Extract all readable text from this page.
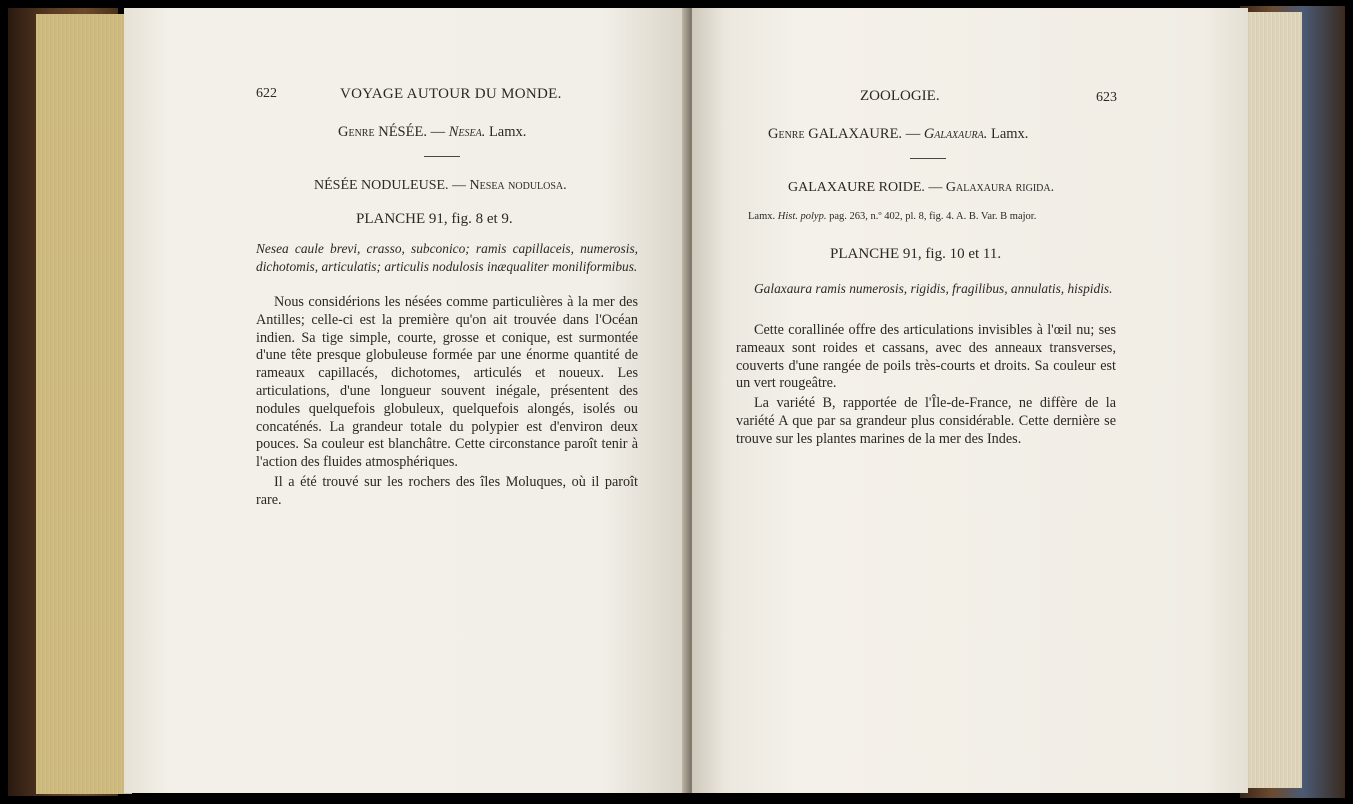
622	VOYAGE AUTOUR DU MONDE.
Genre NÉSÉE. — Nesea. Lamx.
NÉSÉE NODULEUSE. — Nesea nodulosa.
PLANCHE 91, fig. 8 et 9.
Nesea caule brevi, crasso, subconico; ramis capillaceis, numerosis, dichotomis, articulatis; articulis nodulosis inæqualiter moniliformibus.

Nous considérions les nésées comme particulières à la mer des Antilles; celle-ci est la première qu'on ait trouvée dans l'Océan indien. Sa tige simple, courte, grosse et conique, est surmontée d'une tête presque globuleuse formée par une énorme quantité de rameaux capillacés, dichotomes, articulés et noueux. Les articulations, d'une longueur souvent inégale, présentent des nodules quelquefois globuleux, quelquefois alongés, isolés ou concaténés. La grandeur totale du polypier est d'environ deux pouces. Sa couleur est blanchâtre. Cette circonstance paroît tenir à l'action des fluides atmosphériques.

Il a été trouvé sur les rochers des îles Moluques, où il paroît rare.

ZOOLOGIE.	623
Genre GALAXAURE. — Galaxaura. Lamx.
GALAXAURE ROIDE. — Galaxaura rigida.
Lamx. Hist. polyp. pag. 263, n.º 402, pl. 8, fig. 4. A. B. Var. B major.
PLANCHE 91, fig. 10 et 11.
Galaxaura ramis numerosis, rigidis, fragilibus, annulatis, hispidis.

Cette corallinée offre des articulations invisibles à l'œil nu; ses rameaux sont roides et cassans, avec des anneaux transverses, couverts d'une rangée de poils très-courts et droits. Sa couleur est un vert rougeâtre.

La variété B, rapportée de l'Île-de-France, ne diffère de la variété A que par sa grandeur plus considérable. Cette dernière se trouve sur les plantes marines de la mer des Indes.
